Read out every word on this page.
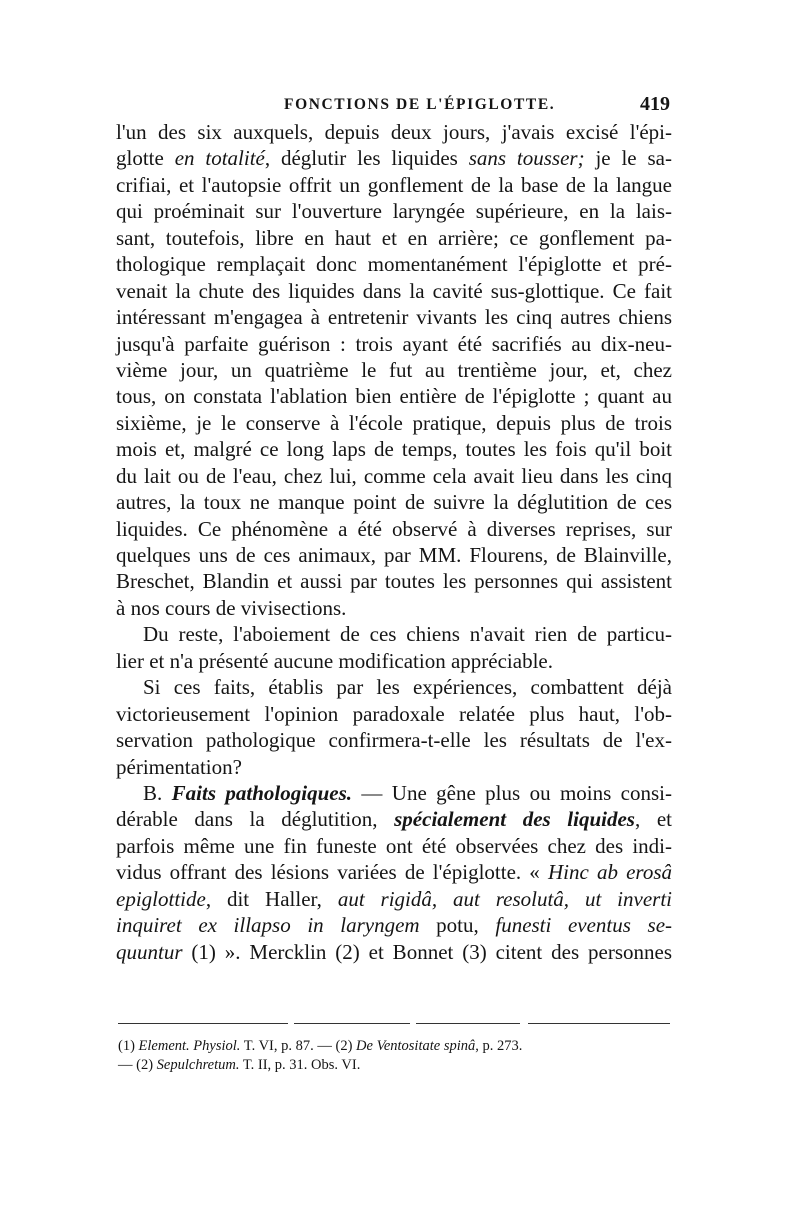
FONCTIONS DE L'ÉPIGLOTTE.	419
l'un des six auxquels, depuis deux jours, j'avais excisé l'épi-
glotte en totalité, déglutir les liquides sans tousser; je le sa-
crifiai, et l'autopsie offrit un gonflement de la base de la langue
qui proéminait sur l'ouverture laryngée supérieure, en la lais-
sant, toutefois, libre en haut et en arrière; ce gonflement pa-
thologique remplaçait donc momentanément l'épiglotte et pré-
venait la chute des liquides dans la cavité sus-glottique. Ce fait
intéressant m'engagea à entretenir vivants les cinq autres chiens
jusqu'à parfaite guérison : trois ayant été sacrifiés au dix-neu-
vième jour, un quatrième le fut au trentième jour, et, chez
tous, on constata l'ablation bien entière de l'épiglotte ; quant au
sixième, je le conserve à l'école pratique, depuis plus de trois
mois et, malgré ce long laps de temps, toutes les fois qu'il boit
du lait ou de l'eau, chez lui, comme cela avait lieu dans les cinq
autres, la toux ne manque point de suivre la déglutition de ces
liquides. Ce phénomène a été observé à diverses reprises, sur
quelques uns de ces animaux, par MM. Flourens, de Blainville,
Breschet, Blandin et aussi par toutes les personnes qui assistent
à nos cours de vivisections.
Du reste, l'aboiement de ces chiens n'avait rien de particu-
lier et n'a présenté aucune modification appréciable.
Si ces faits, établis par les expériences, combattent déjà
victorieusement l'opinion paradoxale relatée plus haut, l'ob-
servation pathologique confirmera-t-elle les résultats de l'ex-
périmentation?
B. Faits pathologiques. — Une gêne plus ou moins consi-
dérable dans la déglutition, spécialement des liquides, et
parfois même une fin funeste ont été observées chez des indi-
vidus offrant des lésions variées de l'épiglotte. « Hinc ab erosâ
epiglottide, dit Haller, aut rigidâ, aut resolutâ, ut inverti
inquiret ex illapso in laryngem potu, funesti eventus se-
quuntur (1) ». Mercklin (2) et Bonnet (3) citent des personnes
(1) Element. Physiol. T. VI, p. 87. — (2) De Ventositate spinâ, p. 273.
— (2) Sepulchretum. T. II, p. 31. Obs. VI.
